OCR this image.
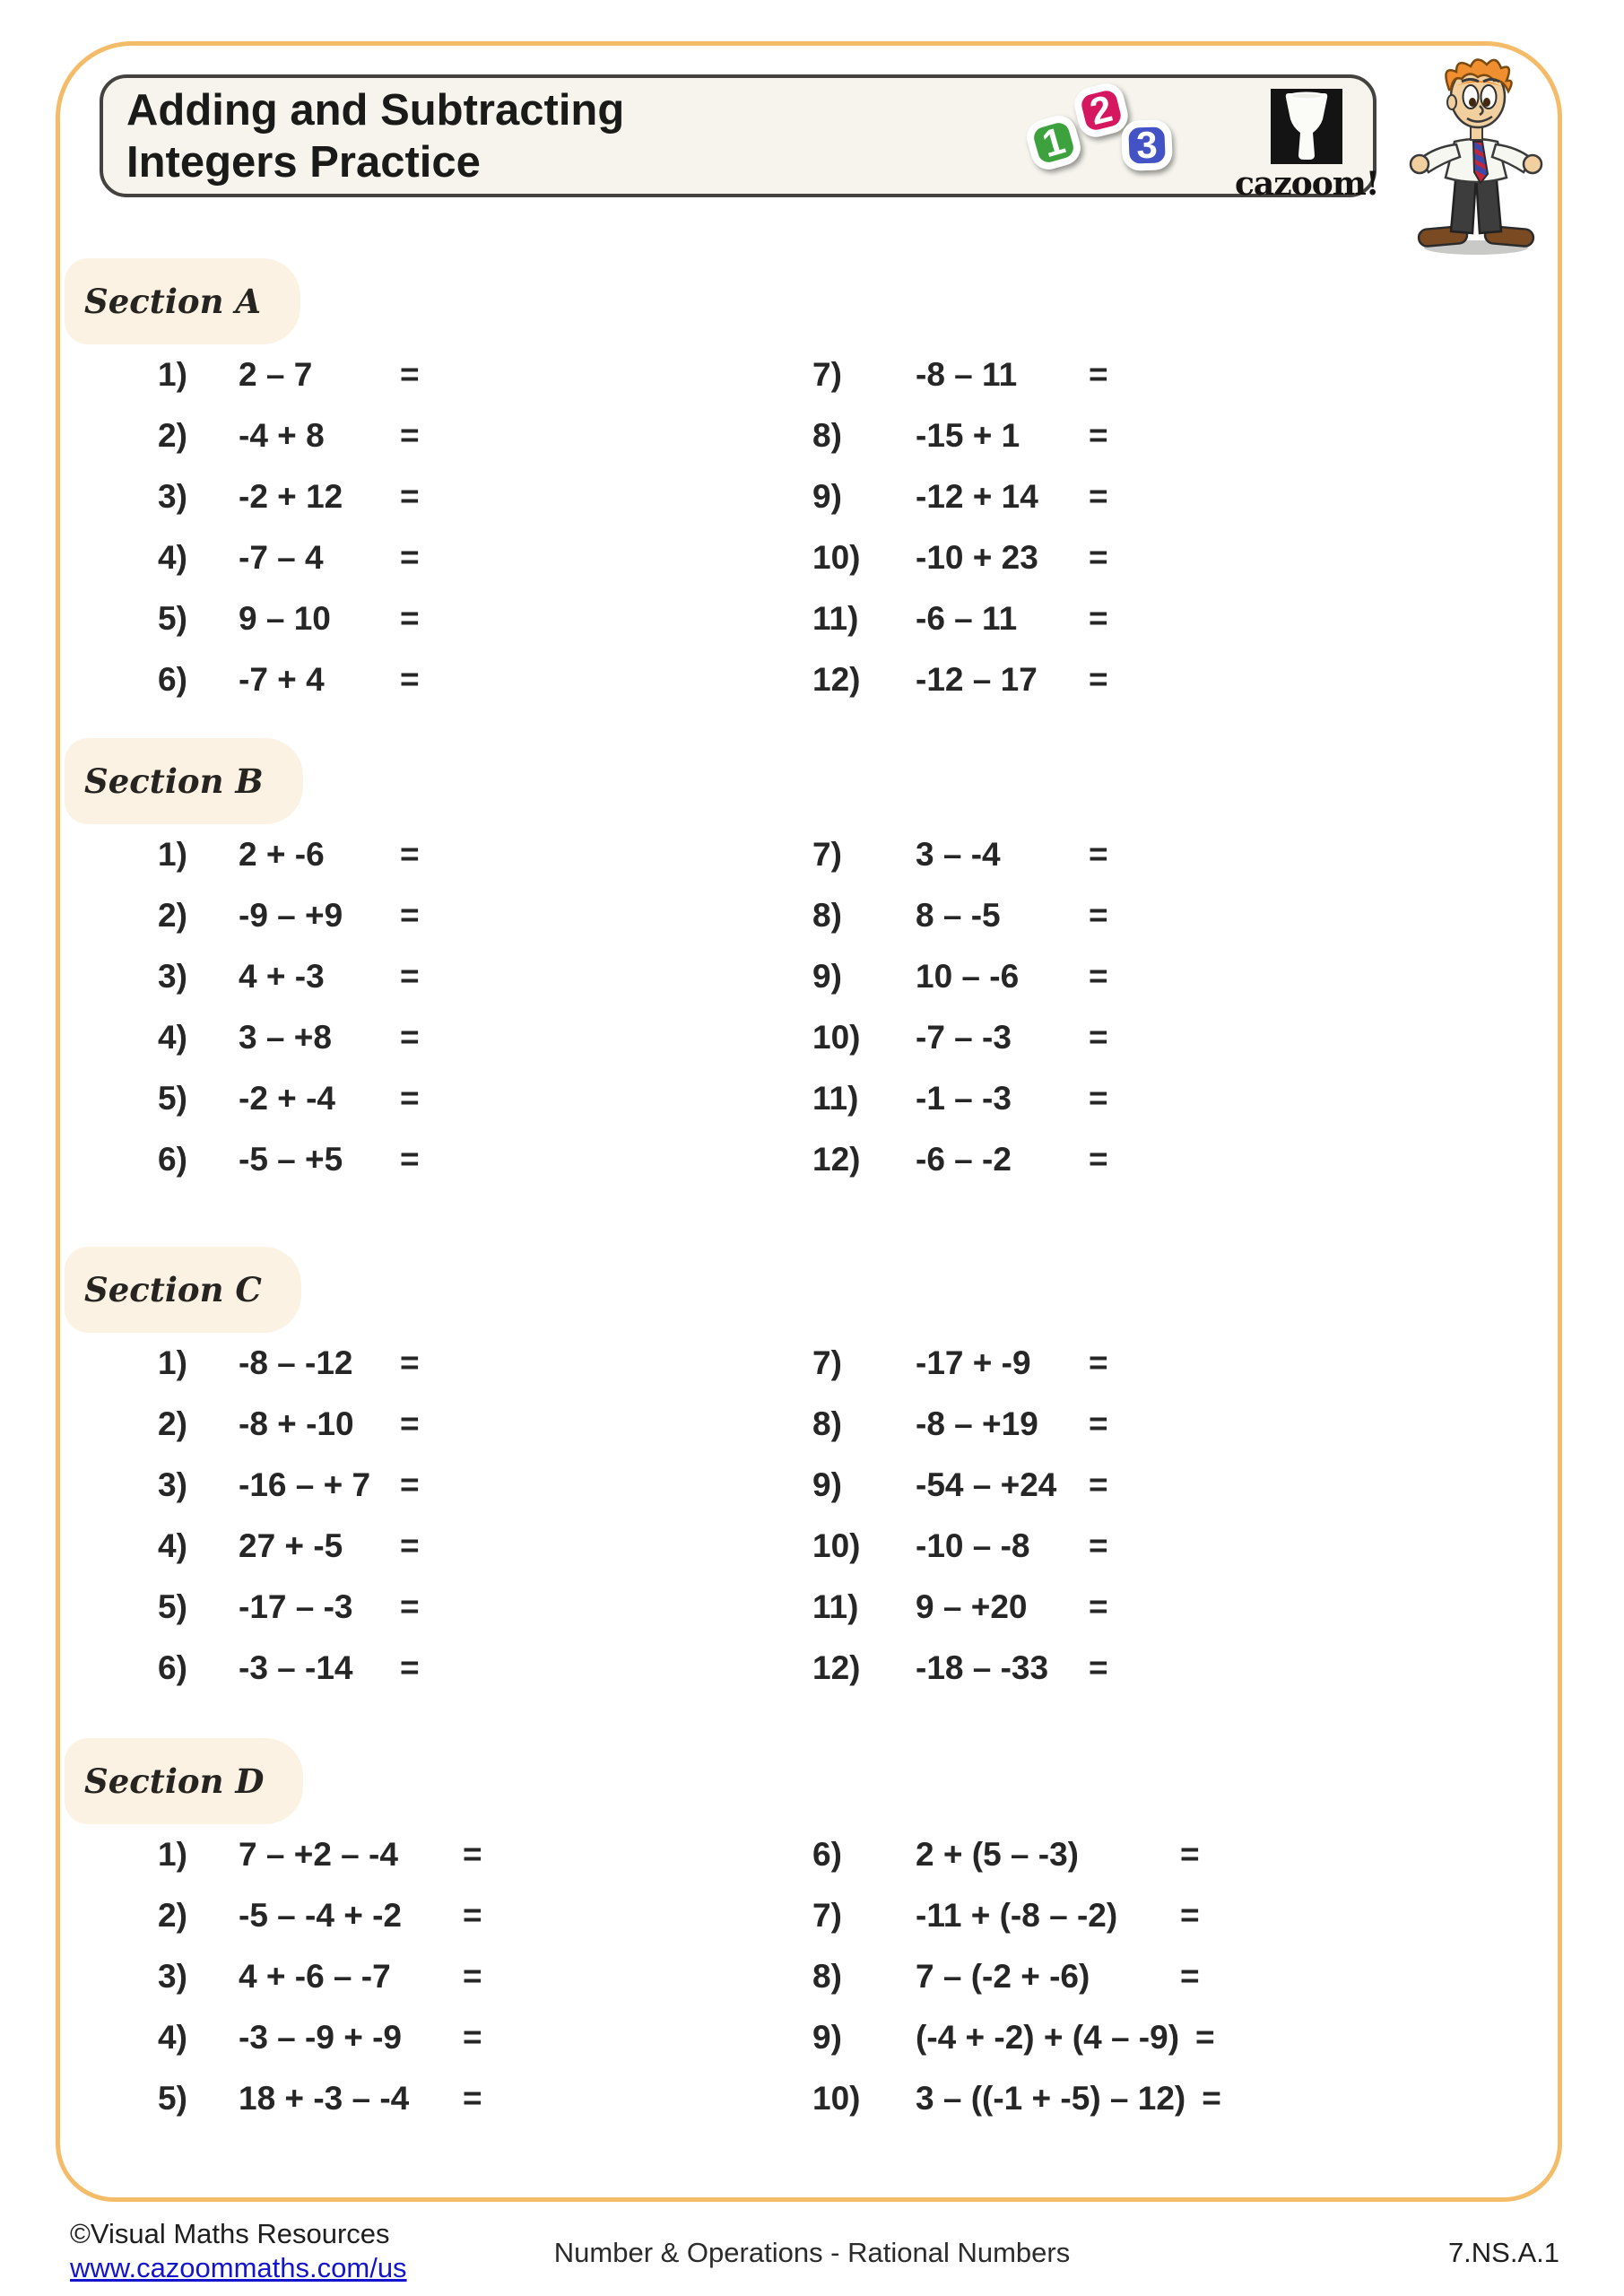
Adding and Subtracting
Integers Practice	1
2
3
cazoom!
Section A
1)	2 – 7	=
2)	-4 + 8	=
3)	-2 + 12	=
4)	-7 – 4	=
5)	9 – 10	=
6)	-7 + 4	=
7)	-8 – 11	=
8)	-15 + 1	=
9)	-12 + 14	=
10)	-10 + 23	=
11)	-6 – 11	=
12)	-12 – 17	=
Section B
1)	2 + -6	=
2)	-9 – +9	=
3)	4 + -3	=
4)	3 – +8	=
5)	-2 + -4	=
6)	-5 – +5	=
7)	3 – -4	=
8)	8 – -5	=
9)	10 – -6	=
10)	-7 – -3	=
11)	-1 – -3	=
12)	-6 – -2	=
Section C
1)	-8 – -12	=
2)	-8 + -10	=
3)	-16 – + 7 =
4)	27 + -5	=
5)	-17 – -3	=
6)	-3 – -14	=
7)	-17 + -9	=
8)	-8 – +19	=
9)	-54 – +24 =
10)	-10 – -8	=
11)	9 – +20	=
12)	-18 – -33	=
Section D
1)	7 – +2 – -4	=
2)	-5 – -4 + -2	=
3)	4 + -6 – -7	=
4)	-3 – -9 + -9	=
5)	18 + -3 – -4	=
6)	2 + (5 – -3)	=
7)	-11 + (-8 – -2)	=
8)	7 – (-2 + -6)	=
9)	(-4 + -2) + (4 – -9) =
10)	3 – ((-1 + -5) – 12) =
©Visual Maths Resources
www.cazoommaths.com/us	Number & Operations - Rational Numbers	7.NS.A.1
